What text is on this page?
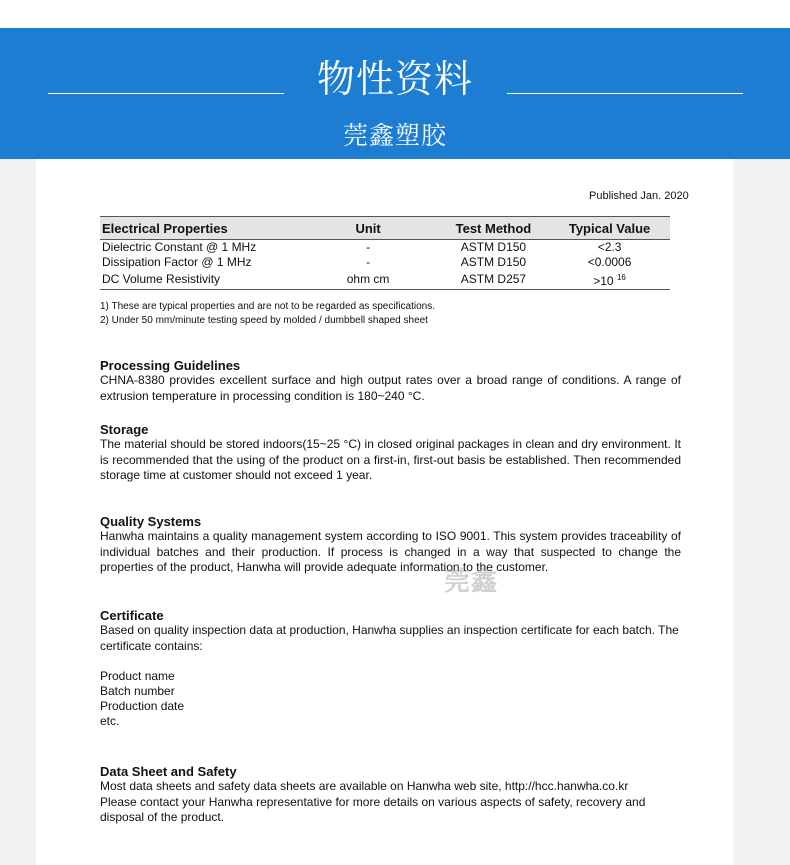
物性资料
莞鑫塑胶
Published Jan. 2020
Electrical Properties	Unit	Test Method	Typical Value
Dielectric Constant @ 1 MHz	-	ASTM D150	<2.3
Dissipation Factor @ 1 MHz	-	ASTM D150	<0.0006
DC Volume Resistivity	ohm cm	ASTM D257	>10 $^{16}$
1) These are typical properties and are not to be regarded as specifications.
2) Under 50 mm/minute testing speed by molded / dumbbell shaped sheet
Processing Guidelines

CHNA-8380 provides excellent surface and high output rates over a broad range of conditions. A range of extrusion temperature in processing condition is 180~240 °C.

Storage

The material should be stored indoors(15~25 °C) in closed original packages in clean and dry environment. It is recommended that the using of the product on a first-in, first-out basis be established. Then recommended storage time at customer should not exceed 1 year.

Quality Systems

Hanwha maintains a quality management system according to ISO 9001. This system provides traceability of individual batches and their production. If process is changed in a way that suspected to change the properties of the product, Hanwha will provide adequate information to the customer.

莞鑫
Certificate

Based on quality inspection data at production, Hanwha supplies an inspection certificate for each batch. The certificate contains:

Product name
Batch number
Production date
etc.
Data Sheet and Safety

Most data sheets and safety data sheets are available on Hanwha web site, http://hcc.hanwha.co.kr

Please contact your Hanwha representative for more details on various aspects of safety, recovery and disposal of the product.
